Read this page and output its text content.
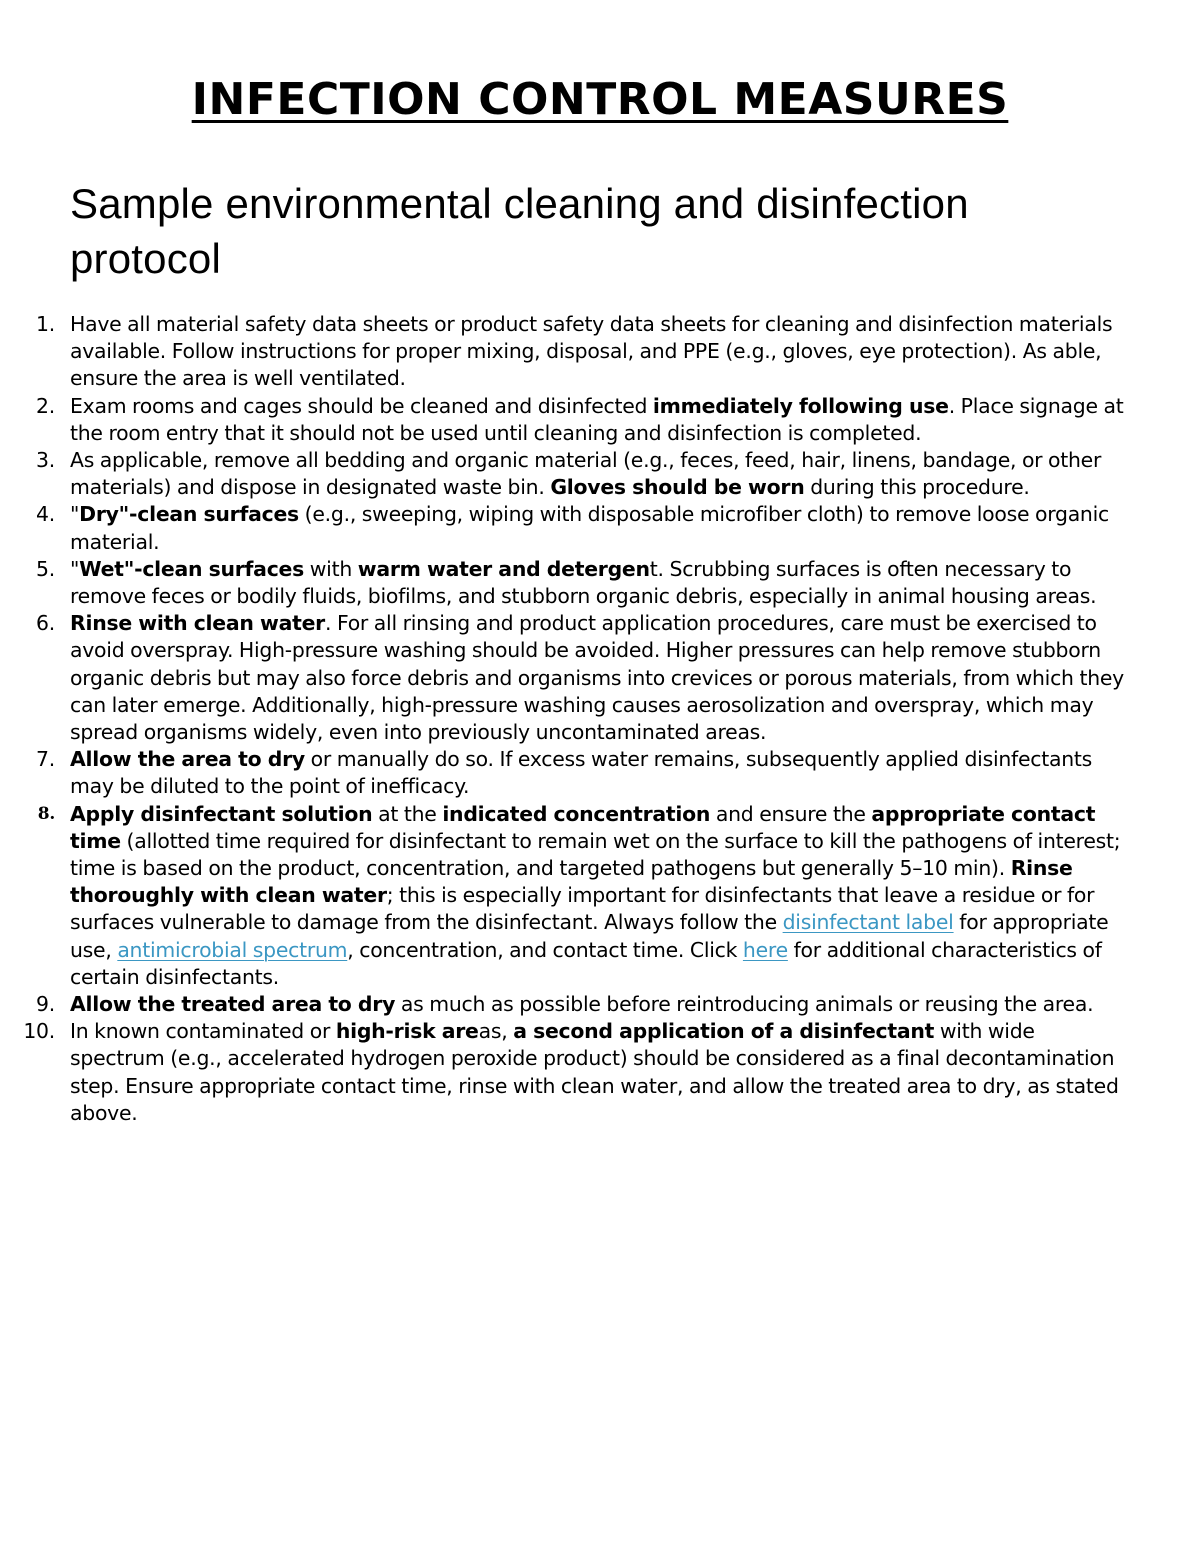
INFECTION CONTROL MEASURES
Sample environmental cleaning and disinfection protocol
1. Have all material safety data sheets or product safety data sheets for cleaning and disinfection materials available. Follow instructions for proper mixing, disposal, and PPE (e.g., gloves, eye protection). As able, ensure the area is well ventilated.
2. Exam rooms and cages should be cleaned and disinfected immediately following use. Place signage at the room entry that it should not be used until cleaning and disinfection is completed.
3. As applicable, remove all bedding and organic material (e.g., feces, feed, hair, linens, bandage, or other materials) and dispose in designated waste bin. Gloves should be worn during this procedure.
4. "Dry"-clean surfaces (e.g., sweeping, wiping with disposable microfiber cloth) to remove loose organic material.
5. "Wet"-clean surfaces with warm water and detergent. Scrubbing surfaces is often necessary to remove feces or bodily fluids, biofilms, and stubborn organic debris, especially in animal housing areas.
6. Rinse with clean water. For all rinsing and product application procedures, care must be exercised to avoid overspray. High-pressure washing should be avoided. Higher pressures can help remove stubborn organic debris but may also force debris and organisms into crevices or porous materials, from which they can later emerge. Additionally, high-pressure washing causes aerosolization and overspray, which may spread organisms widely, even into previously uncontaminated areas.
7. Allow the area to dry or manually do so. If excess water remains, subsequently applied disinfectants may be diluted to the point of inefficacy.
8. Apply disinfectant solution at the indicated concentration and ensure the appropriate contact time (allotted time required for disinfectant to remain wet on the surface to kill the pathogens of interest; time is based on the product, concentration, and targeted pathogens but generally 5–10 min). Rinse thoroughly with clean water; this is especially important for disinfectants that leave a residue or for surfaces vulnerable to damage from the disinfectant. Always follow the disinfectant label for appropriate use, antimicrobial spectrum, concentration, and contact time. Click here for additional characteristics of certain disinfectants.
9. Allow the treated area to dry as much as possible before reintroducing animals or reusing the area.
10. In known contaminated or high-risk areas, a second application of a disinfectant with wide spectrum (e.g., accelerated hydrogen peroxide product) should be considered as a final decontamination step. Ensure appropriate contact time, rinse with clean water, and allow the treated area to dry, as stated above.
